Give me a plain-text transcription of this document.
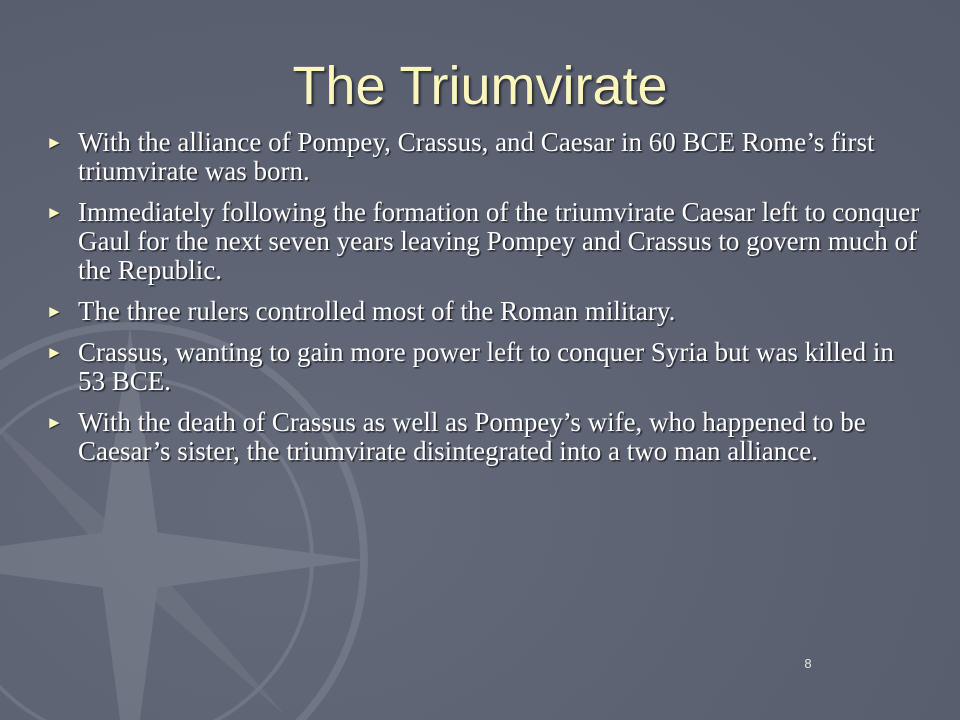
The Triumvirate
► With the alliance of Pompey, Crassus, and Caesar in 60 BCE Rome’s first triumvirate was born.
► Immediately following the formation of the triumvirate Caesar left to conquer Gaul for the next seven years leaving Pompey and Crassus to govern much of the Republic.
► The three rulers controlled most of the Roman military.
► Crassus, wanting to gain more power left to conquer Syria but was killed in 53 BCE.
► With the death of Crassus as well as Pompey’s wife, who happened to be Caesar’s sister, the triumvirate disintegrated into a two man alliance.
8
